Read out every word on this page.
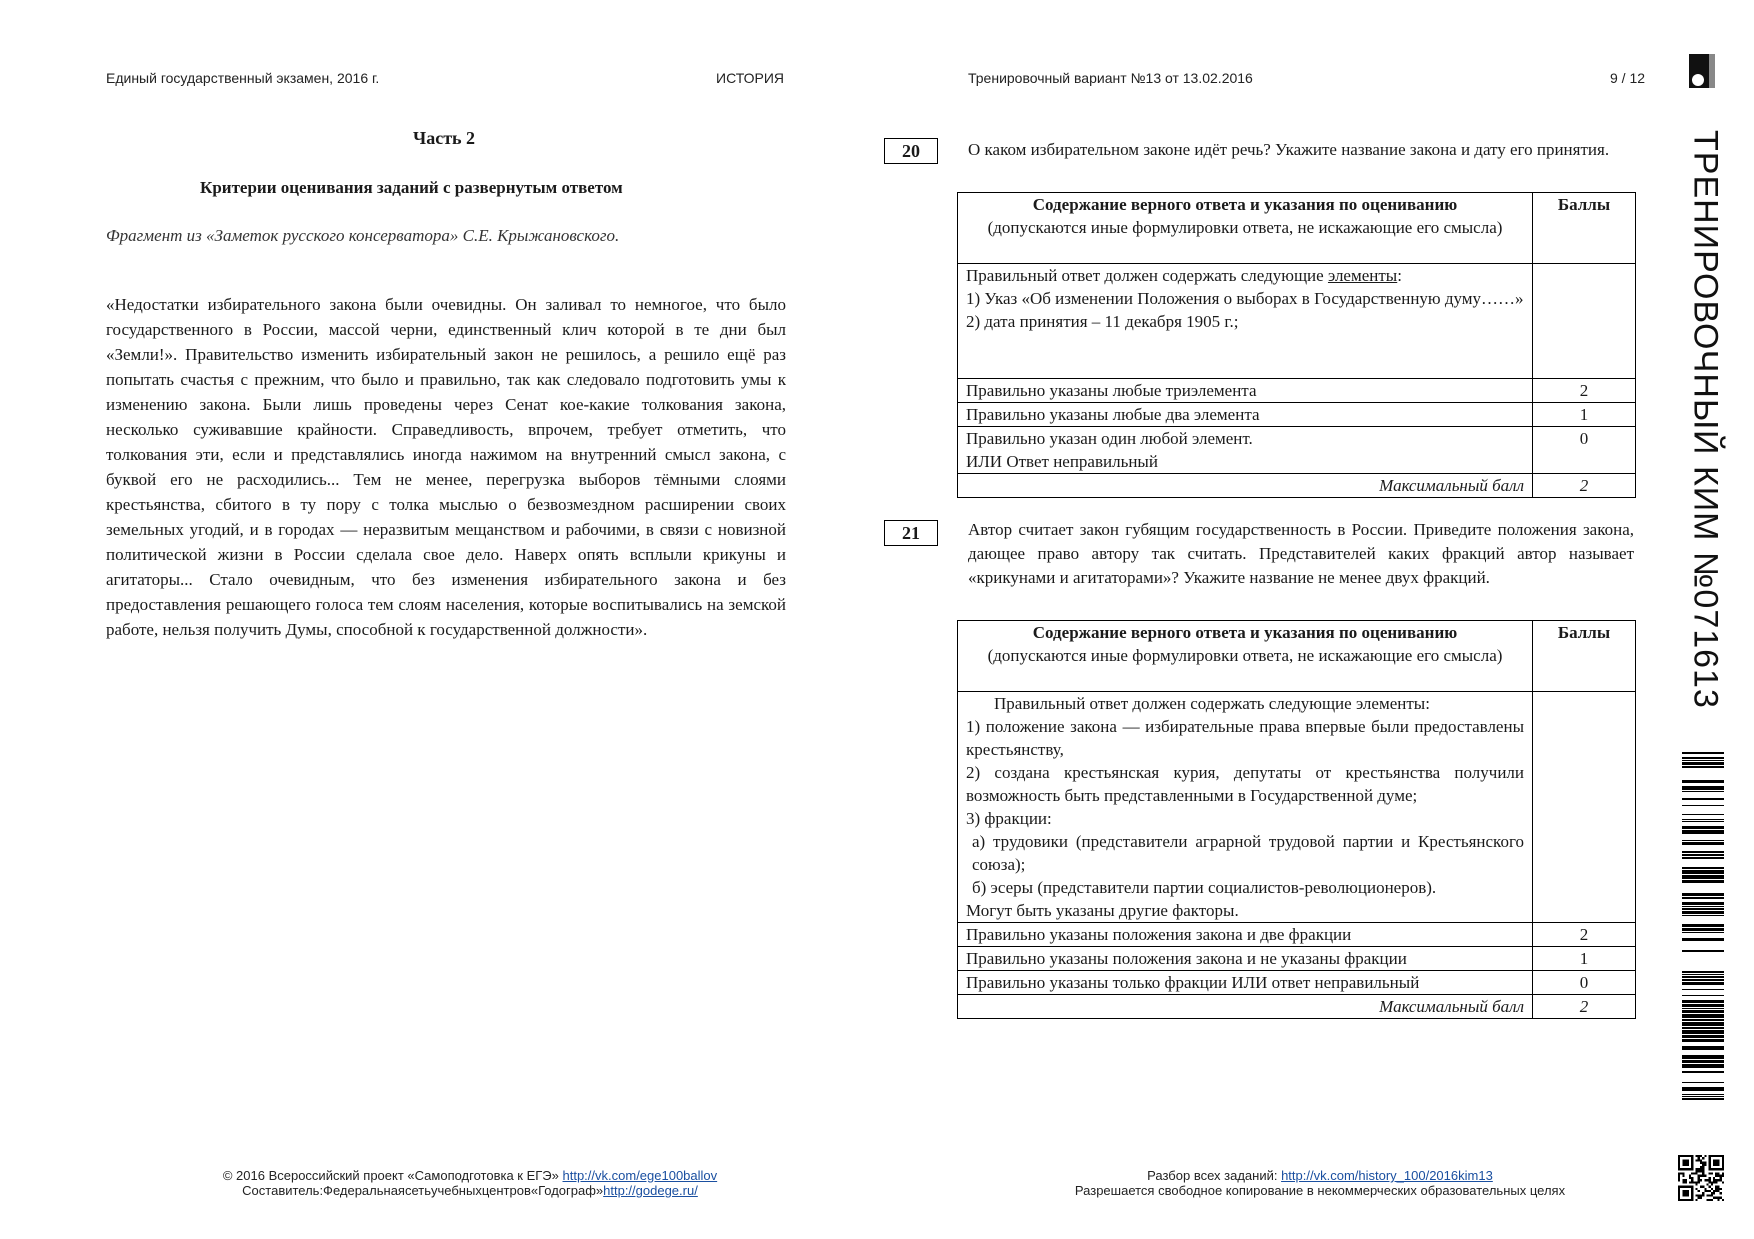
Единый государственный экзамен, 2016 г.	ИСТОРИЯ	Тренировочный вариант №13 от 13.02.2016	9 / 12
Часть 2
Критерии оценивания заданий с развернутым ответом
Фрагмент из «Заметок русского консерватора» С.Е. Крыжановского.
«Недостатки избирательного закона были очевидны. Он заливал то немногое, что было государственного в России, массой черни, единственный клич которой в те дни был «Земли!». Правительство изменить избирательный закон не решилось, а решило ещё раз попытать счастья с прежним, что было и правильно, так как следовало подготовить умы к изменению закона. Были лишь проведены через Сенат кое-какие толкования закона, несколько суживавшие крайности. Справедливость, впрочем, требует отметить, что толкования эти, если и представлялись иногда нажимом на внутренний смысл закона, с буквой его не расходились... Тем не менее, перегрузка выборов тёмными слоями крестьянства, сбитого в ту пору с толка мыслью о безвозмездном расширении своих земельных угодий, и в городах — неразвитым мещанством и рабочими, в связи с новизной политической жизни в России сделала свое дело. Наверх опять всплыли крикуны и агитаторы... Стало очевидным, что без изменения избирательного закона и без предоставления решающего голоса тем слоям населения, которые воспитывались на земской работе, нельзя получить Думы, способной к государственной должности».
20	О каком избирательном законе идёт речь? Укажите название закона и дату его принятия.
Содержание верного ответа и указания по оцениванию
(допускаются иные формулировки ответа, не искажающие его смысла)	Баллы

Правильный ответ должен содержать следующие элементы:
1) Указ «Об изменении Положения о выборах в Государственную думу……»
2) дата принятия – 11 декабря 1905 г.;	

Правильно указаны любые триэлемента	2
Правильно указаны любые два элемента	1

Правильно указан один любой элемент.
ИЛИ Ответ неправильный	0
Максимальный балл	2
21	Автор считает закон губящим государственность в России. Приведите положения закона, дающее право автору так считать. Представителей каких фракций автор называет «крикунами и агитаторами»? Укажите название не менее двух фракций.
Содержание верного ответа и указания по оцениванию
(допускаются иные формулировки ответа, не искажающие его смысла)	Баллы

Правильный ответ должен содержать следующие элементы:
1) положение закона — избирательные права впервые были предоставлены крестьянству,
2) создана крестьянская курия, депутаты от крестьянства получили возможность быть представленными в Государственной думе;
3) фракции:
а) трудовики (представители аграрной трудовой партии и Крестьянского союза);
б) эсеры (представители партии социалистов-революционеров).
Могут быть указаны другие факторы.

Правильно указаны положения закона и две фракции	2
Правильно указаны положения закона и не указаны фракции	1
Правильно указаны только фракции ИЛИ ответ неправильный	0
Максимальный балл	2
ТРЕНИРОВОЧНЫЙ КИМ №071613
© 2016 Всероссийский проект «Самоподготовка к ЕГЭ» http://vk.com/ege100ballov
Составитель:Федеральнаясетьучебныхцентров«Годограф»http://godege.ru/
Разбор всех заданий: http://vk.com/history_100/2016kim13
Разрешается свободное копирование в некоммерческих образовательных целях
